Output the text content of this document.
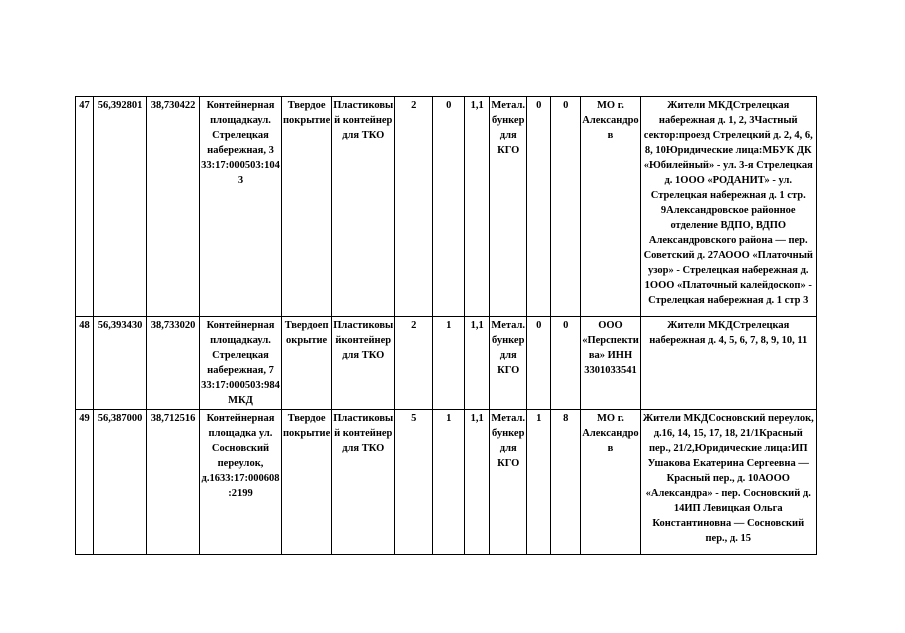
47	56,392801	38,730422	Контейнерная площадкаул. Стрелецкая набережная, 3 33:17:000503:104 3	Твердое покрытие	Пластиковы й контейнер для ТКО	2	0	1,1	Метал. бункер для КГО	0	0	МО г. Александро в	Жители МКДСтрелецкая набережная д. 1, 2, 3Частный сектор:проезд Стрелецкий д. 2, 4, 6, 8, 10Юридические лица:МБУК ДК «Юбилейный» - ул. 3-я Стрелецкая д. 1ООО «РОДАНИТ» - ул. Стрелецкая набережная д. 1 стр. 9Александровское районное отделение ВДПО, ВДПО Александровского района — пер. Советский д. 27АООО «Платочный узор» - Стрелецкая набережная д. 1ООО «Платочный калейдоскоп» - Стрелецкая набережная д. 1 стр 3
48	56,393430	38,733020	Контейнерная площадкаул. Стрелецкая набережная, 7 33:17:000503:984 МКД	Твердоеп окрытие	Пластиковы йконтейнер для ТКО	2	1	1,1	Метал. бункер для КГО	0	0	ООО «Перспекти ва» ИНН 3301033541	Жители МКДСтрелецкая набережная д. 4, 5, 6, 7, 8, 9, 10, 11
49	56,387000	38,712516	Контейнерная площадка ул. Сосновский переулок, д.1633:17:000608 :2199	Твердое покрытие	Пластиковы й контейнер для ТКО	5	1	1,1	Метал. бункер для КГО	1	8	МО г. Александро в	Жители МКДСосновский переулок, д.16, 14, 15, 17, 18, 21/1Красный пер., 21/2,Юридические лица:ИП Ушакова Екатерина Сергеевна — Красный пер., д. 10АООО «Александра» - пер. Сосновский д. 14ИП Левицкая Ольга Константиновна — Сосновский пер., д. 15
